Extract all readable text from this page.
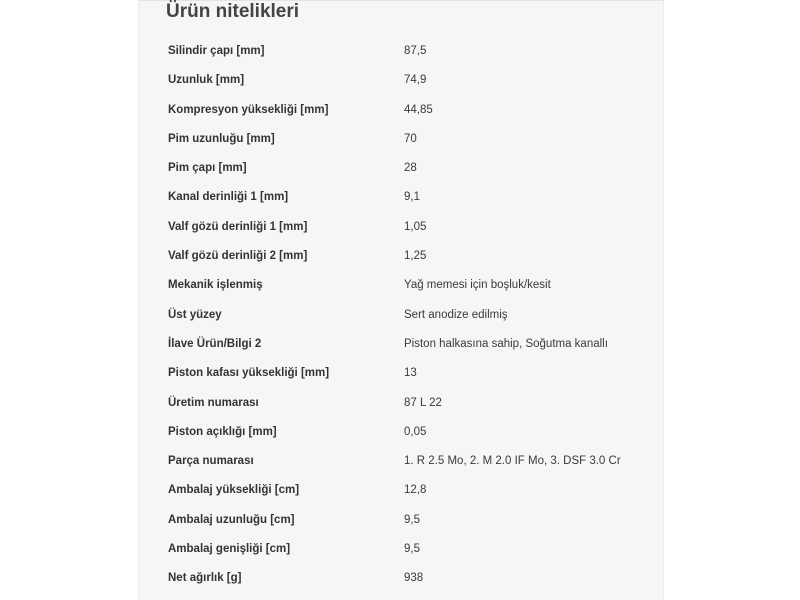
Ürün nitelikleri
Silindir çapı [mm]	87,5
Uzunluk [mm]	74,9
Kompresyon yüksekliği [mm]	44,85
Pim uzunluğu [mm]	70
Pim çapı [mm]	28
Kanal derinliği 1 [mm]	9,1
Valf gözü derinliği 1 [mm]	1,05
Valf gözü derinliği 2 [mm]	1,25
Mekanik işlenmiş	Yağ memesi için boşluk/kesit
Üst yüzey	Sert anodize edilmiş
İlave Ürün/Bilgi 2	Piston halkasına sahip, Soğutma kanallı
Piston kafası yüksekliği [mm]	13
Üretim numarası	87 L 22
Piston açıklığı [mm]	0,05
Parça numarası	1. R 2.5 Mo, 2. M 2.0 IF Mo, 3. DSF 3.0 Cr
Ambalaj yüksekliği [cm]	12,8
Ambalaj uzunluğu [cm]	9,5
Ambalaj genişliği [cm]	9,5
Net ağırlık [g]	938
